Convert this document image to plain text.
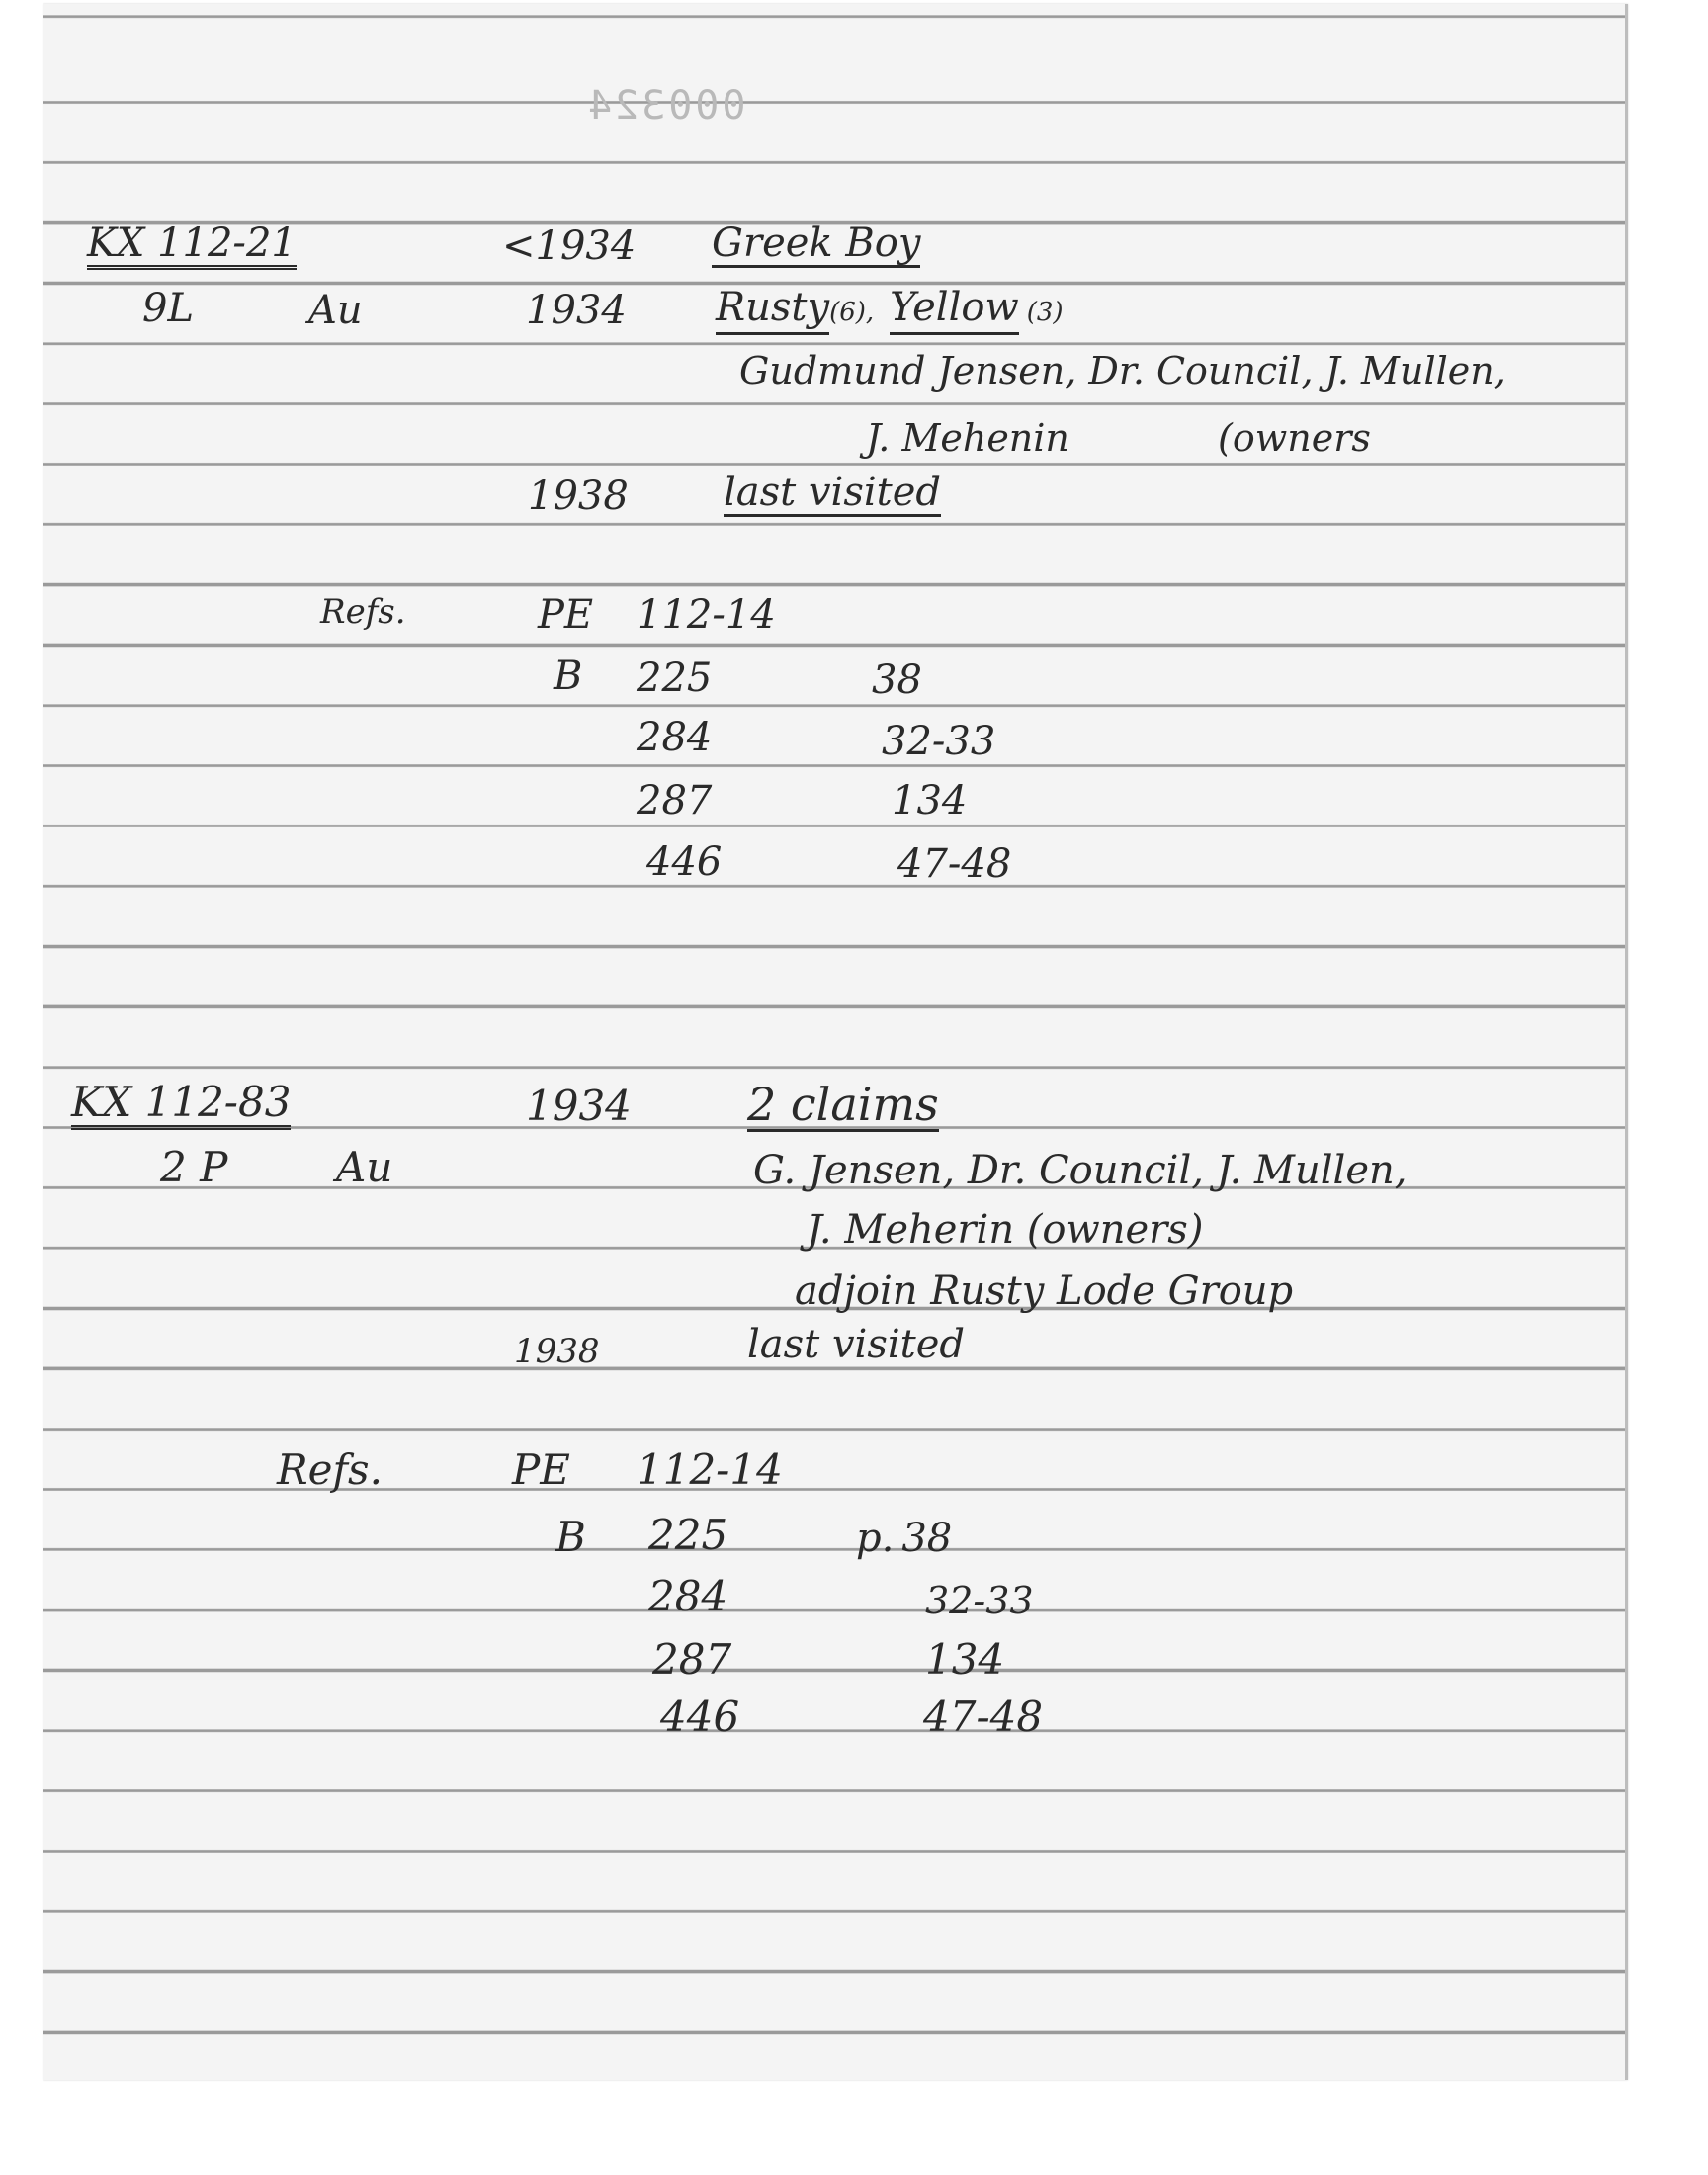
000324
KX 112-21	<1934 Greek Boy
9L	Au	1934 Rusty(6), Yellow (3)
Gudmund Jensen, Dr. Council, J. Mullen,
J. Mehenin	(owners
1938 last visited
Refs.	PE 112-14
B 225	38
284	32-33
287	134
446	47-48
KX 112-83	1934	2 claims
2 P	Au	G. Jensen, Dr. Council, J. Mullen,
J. Meherin (owners)
adjoin Rusty Lode Group
1938	last visited
Refs.	PE 112-14
B 225	p. 38
284	32-33
287	134
446	47-48
